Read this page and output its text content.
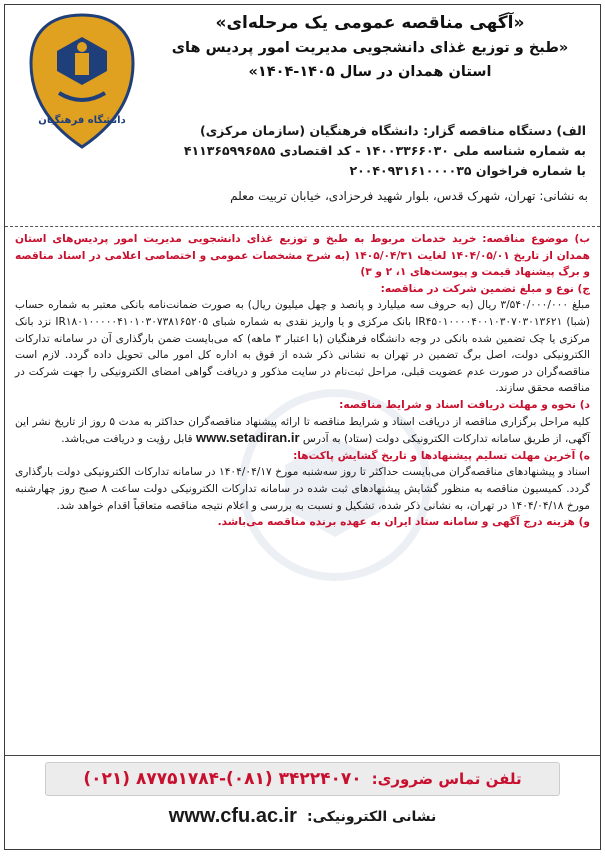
دانشگاه فرهنگیان
«آگهی مناقصه عمومی یک مرحله‌ای»
«طبخ و توزیع غذای دانشجویی مدیریت امور پردیس های
استان همدان در سال ۱۴۰۵-۱۴۰۴»
الف) دستگاه مناقصه گزار: دانشگاه فرهنگیان (سازمان مرکزی)
به شماره شناسه ملی ۱۴۰۰۳۳۶۶۰۳۰ - کد اقتصادی ۴۱۱۳۶۵۹۹۶۵۸۵
با شماره فراخوان ۲۰۰۴۰۹۳۱۶۱۰۰۰۰۳۵
به نشانی: تهران، شهرک قدس، بلوار شهید فرحزادی، خیابان تربیت معلم

ب) موضوع مناقصه: خرید خدمات مربوط به طبخ و توزیع غذای دانشجویی مدیریت امور پردیس‌های استان همدان از تاریخ ۱۴۰۴/۰۵/۰۱ لغایت ۱۴۰۵/۰۴/۳۱ (به شرح مشخصات عمومی و اختصاصی اعلامی در اسناد مناقصه و برگ پیشنهاد قیمت و پیوست‌های ۱، ۲ و ۳)

ج) نوع و مبلغ تضمین شرکت در مناقصه:
مبلغ ۳/۵۴۰/۰۰۰/۰۰۰ ریال (به حروف سه میلیارد و پانصد و چهل میلیون ریال) به صورت ضمانت‌نامه بانکی معتبر به شماره حساب (شبا) IR۴۵۰۱۰۰۰۰۴۰۰۱۰۳۰۷۰۳۰۱۳۶۲۱ بانک مرکزی و یا واریز نقدی به شماره شبای IR۱۸۰۱۰۰۰۰۰۴۱۰۱۰۳۰۷۳۸۱۶۵۲۰۵ نزد بانک مرکزی یا چک تضمین شده بانکی در وجه دانشگاه فرهنگیان (با اعتبار ۳ ماهه) که می‌بایست ضمن بارگذاری آن در سامانه تدارکات الکترونیکی دولت، اصل برگ تضمین در تهران به نشانی ذکر شده از فوق به اداره کل امور مالی تحویل داده گردد. لازم است مناقصه‌گران در صورت عدم عضویت قبلی، مراحل ثبت‌نام در سایت مذکور و دریافت گواهی امضای الکترونیکی را جهت شرکت در مناقصه محقق سازند.

د) نحوه و مهلت دریافت اسناد و شرایط مناقصه:
کلیه مراحل برگزاری مناقصه از دریافت اسناد و شرایط مناقصه تا ارائه پیشنهاد مناقصه‌گران حداکثر به مدت ۵ روز از تاریخ نشر این آگهی، از طریق سامانه تدارکات الکترونیکی دولت (ستاد) به آدرس www.setadiran.ir قابل رؤیت و دریافت می‌باشد.

ه) آخرین مهلت تسلیم پیشنهادها و تاریخ گشایش پاکت‌ها:
اسناد و پیشنهادهای مناقصه‌گران می‌بایست حداکثر تا روز سه‌شنبه مورخ ۱۴۰۴/۰۴/۱۷ در سامانه تدارکات الکترونیکی دولت بارگذاری گردد. کمیسیون مناقصه به منظور گشایش پیشنهادهای ثبت شده در سامانه تدارکات الکترونیکی دولت ساعت ۸ صبح روز چهارشنبه مورخ ۱۴۰۴/۰۴/۱۸ در تهران، به نشانی ذکر شده، تشکیل و نسبت به بررسی و اعلام نتیجه مناقصه متعاقباً اقدام خواهد شد.

و) هزینه درج آگهی و سامانه ستاد ایران به عهده برنده مناقصه می‌باشد.

تلفن تماس ضروری:
(۰۲۱) ۸۷۷۵۱۷۸۴-(۰۸۱) ۳۴۲۲۴۰۷۰
نشانی الکترونیکی:
www.cfu.ac.ir
